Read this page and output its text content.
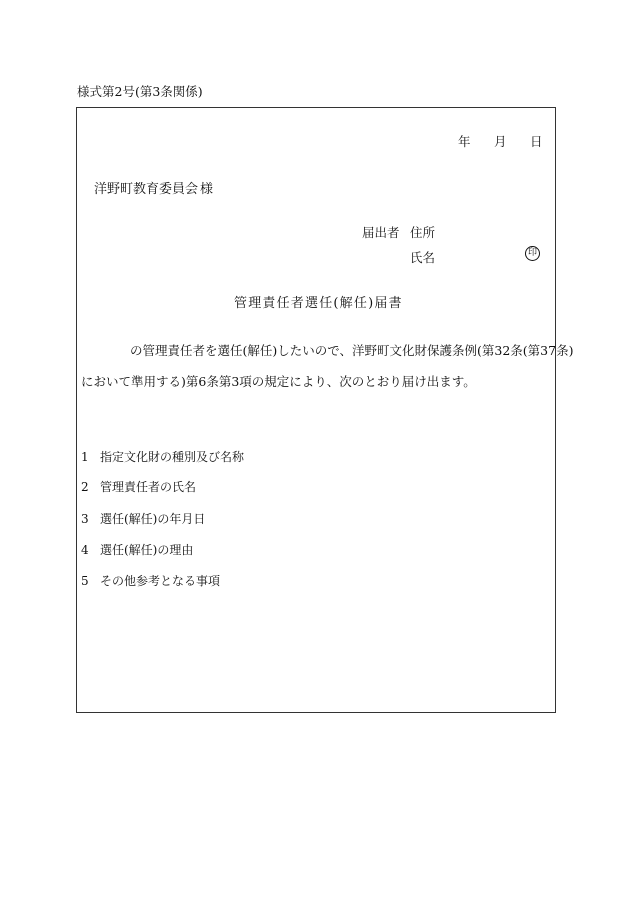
様式第2号(第3条関係)
年 月 日
洋野町教育委員会 様
届出者 住所
氏名	印
管理責任者選任(解任)届書
の管理責任者を選任(解任)したいので、洋野町文化財保護条例(第32条(第37条)
において準用する)第6条第3項の規定により、次のとおり届け出ます。
1 指定文化財の種別及び名称
2 管理責任者の氏名
3 選任(解任)の年月日
4 選任(解任)の理由
5 その他参考となる事項
